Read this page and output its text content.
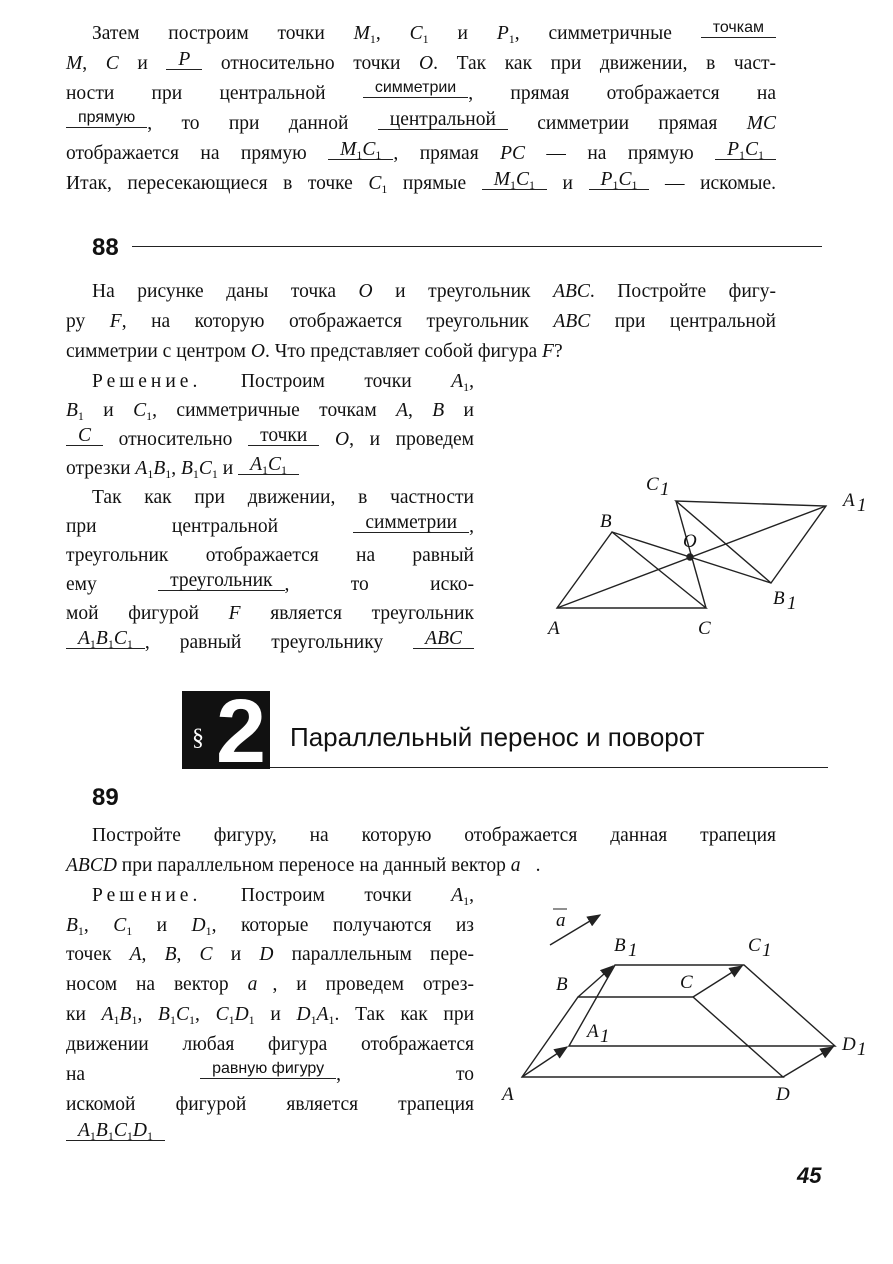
Затем построим точки $M_1$, $C_1$ и $P_1$, симметричные точкам
M, C и P относительно точки O. Так как при движении, в част-
ности при центральной симметрии , прямая отображается на
прямую , то при данной центральной симметрии прямая MC
отображается на прямую $M_1C_1$ , прямая PC — на прямую $P_1C_1$
Итак, пересекающиеся в точке $C_1$ прямые $M_1C_1$ и $P_1C_1$ — искомые.
88
На рисунке даны точка O и треугольник ABC. Постройте фигу-
ру F, на которую отображается треугольник ABC при центральной
симметрии с центром O. Что представляет собой фигура F?
Решение. Построим точки $A_1$,
$B_1$ и $C_1$, симметричные точкам A, B и
C относительно точки O, и проведем
отрезки $A_1B_1$, $B_1C_1$ и $A_1C_1$
Так как при движении, в частности
при центральной симметрии ,
треугольник отображается на равный
ему треугольник , то иско-
мой фигурой F является треугольник
$A_1B_1C_1$ , равный треугольнику ABC	A
B
C
O
A 1
B 1
C 1
A
B	C
D
A 1
B 1	C 1
D 1
a
§ 2 Параллельный перенос и поворот
89
Постройте фигуру, на которую отображается данная трапеция
ABCD при параллельном переносе на данный вектор a⃗.
Решение. Построим точки $A_1$,
$B_1$, $C_1$ и $D_1$, которые получаются из
точек A, B, C и D параллельным пере-
носом на вектор a⃗, и проведем отрез-
ки $A_1B_1$, $B_1C_1$, $C_1D_1$ и $D_1A_1$. Так как при
движении любая фигура отображается
на равную фигуру, то
искомой фигурой является трапеция
$A_1B_1C_1D_1$
45
